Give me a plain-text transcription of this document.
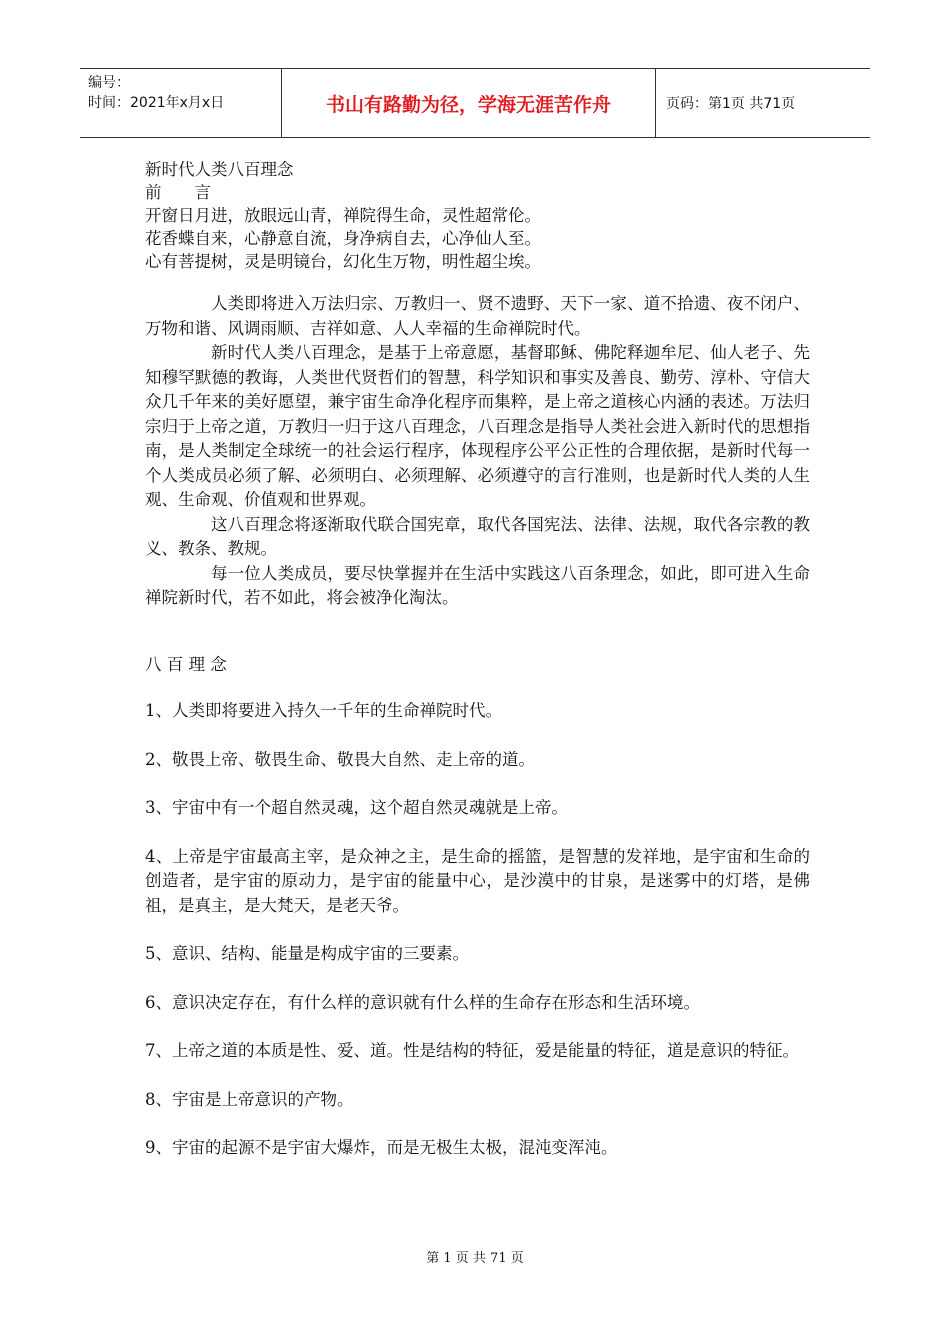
编号：
时间：2021年x月x日	书山有路勤为径，学海无涯苦作舟	页码：第1页 共71页
新时代人类八百理念
前　　言
开窗日月进，放眼远山青，禅院得生命，灵性超常伦。
花香蝶自来，心静意自流，身净病自去，心净仙人至。
心有菩提树，灵是明镜台，幻化生万物，明性超尘埃。
人类即将进入万法归宗、万教归一、贤不遗野、天下一家、道不拾遗、夜不闭户、万物和谐、风调雨顺、吉祥如意、人人幸福的生命禅院时代。
新时代人类八百理念，是基于上帝意愿，基督耶稣、佛陀释迦牟尼、仙人老子、先知穆罕默德的教诲，人类世代贤哲们的智慧，科学知识和事实及善良、勤劳、淳朴、守信大众几千年来的美好愿望，兼宇宙生命净化程序而集粹，是上帝之道核心内涵的表述。万法归宗归于上帝之道，万教归一归于这八百理念，八百理念是指导人类社会进入新时代的思想指南，是人类制定全球统一的社会运行程序，体现程序公平公正性的合理依据，是新时代每一个人类成员必须了解、必须明白、必须理解、必须遵守的言行准则，也是新时代人类的人生观、生命观、价值观和世界观。
这八百理念将逐渐取代联合国宪章，取代各国宪法、法律、法规，取代各宗教的教义、教条、教规。
每一位人类成员，要尽快掌握并在生活中实践这八百条理念，如此，即可进入生命禅院新时代，若不如此，将会被净化淘汰。
八 百 理 念

1、人类即将要进入持久一千年的生命禅院时代。

2、敬畏上帝、敬畏生命、敬畏大自然、走上帝的道。

3、宇宙中有一个超自然灵魂，这个超自然灵魂就是上帝。

4、上帝是宇宙最高主宰，是众神之主，是生命的摇篮，是智慧的发祥地，是宇宙和生命的创造者，是宇宙的原动力，是宇宙的能量中心，是沙漠中的甘泉，是迷雾中的灯塔，是佛祖，是真主，是大梵天，是老天爷。

5、意识、结构、能量是构成宇宙的三要素。

6、意识决定存在，有什么样的意识就有什么样的生命存在形态和生活环境。

7、上帝之道的本质是性、爱、道。性是结构的特征，爱是能量的特征，道是意识的特征。

8、宇宙是上帝意识的产物。

9、宇宙的起源不是宇宙大爆炸，而是无极生太极，混沌变浑沌。

第 1 页 共 71 页
